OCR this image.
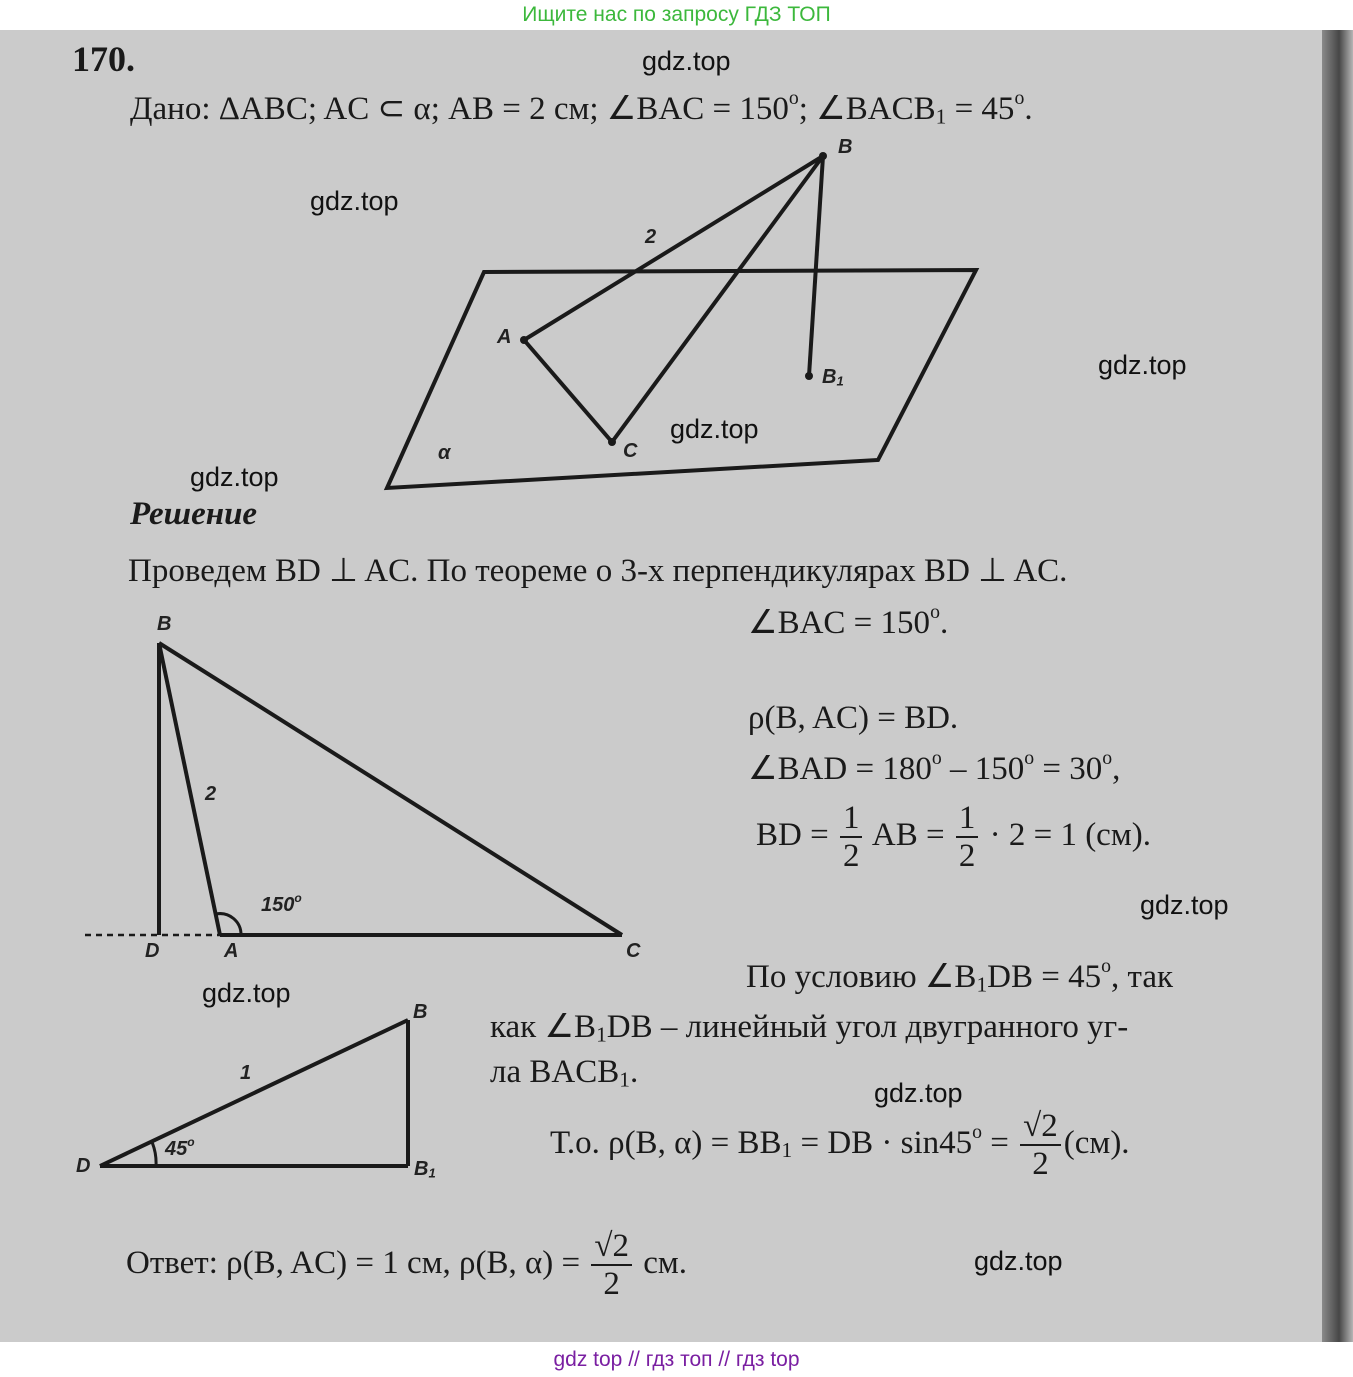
Ищите нас по запросу ГДЗ ТОП
B
A
C
$B_1$
α
2
B
D	A	C
2
150$^o$
B
D	$B_1$
1
45$^o$
170.
Дано: ΔABC; AC ⊂ α; AB = 2 см; ∠BAC = $150^o$; $\angle BACB_1 = 45^o$.
Решение
Проведем BD ⊥ AC. По теореме о 3-х перпендикулярах BD ⊥ AC.
∠BAC = $150^o$.
ρ(B, AC) = BD.
∠BAD = $180^o - 150^o = 30^o$,
BD = $\frac{1}{2}$ AB = $\frac{1}{2} \cdot 2 = 1$ (см).
По условию $\angle B_1DB = 45^o$, так
как $\angle B_1DB$ – линейный угол двугранного уг-
ла $BACB_1$.
Т.о. ρ(B, $\alpha) = BB_1$ = DB · $\sin 45^o = \frac{√2}{2} (см)$.
Ответ: ρ(B, AC) = 1 см, ρ(B, $\alpha) = \frac{√2}{2}$ см.
gdz.top
gdz.top
gdz.top
gdz.top
gdz.top
gdz.top
gdz.top
gdz.top
gdz.top
gdz top // гдз топ // гдз top
